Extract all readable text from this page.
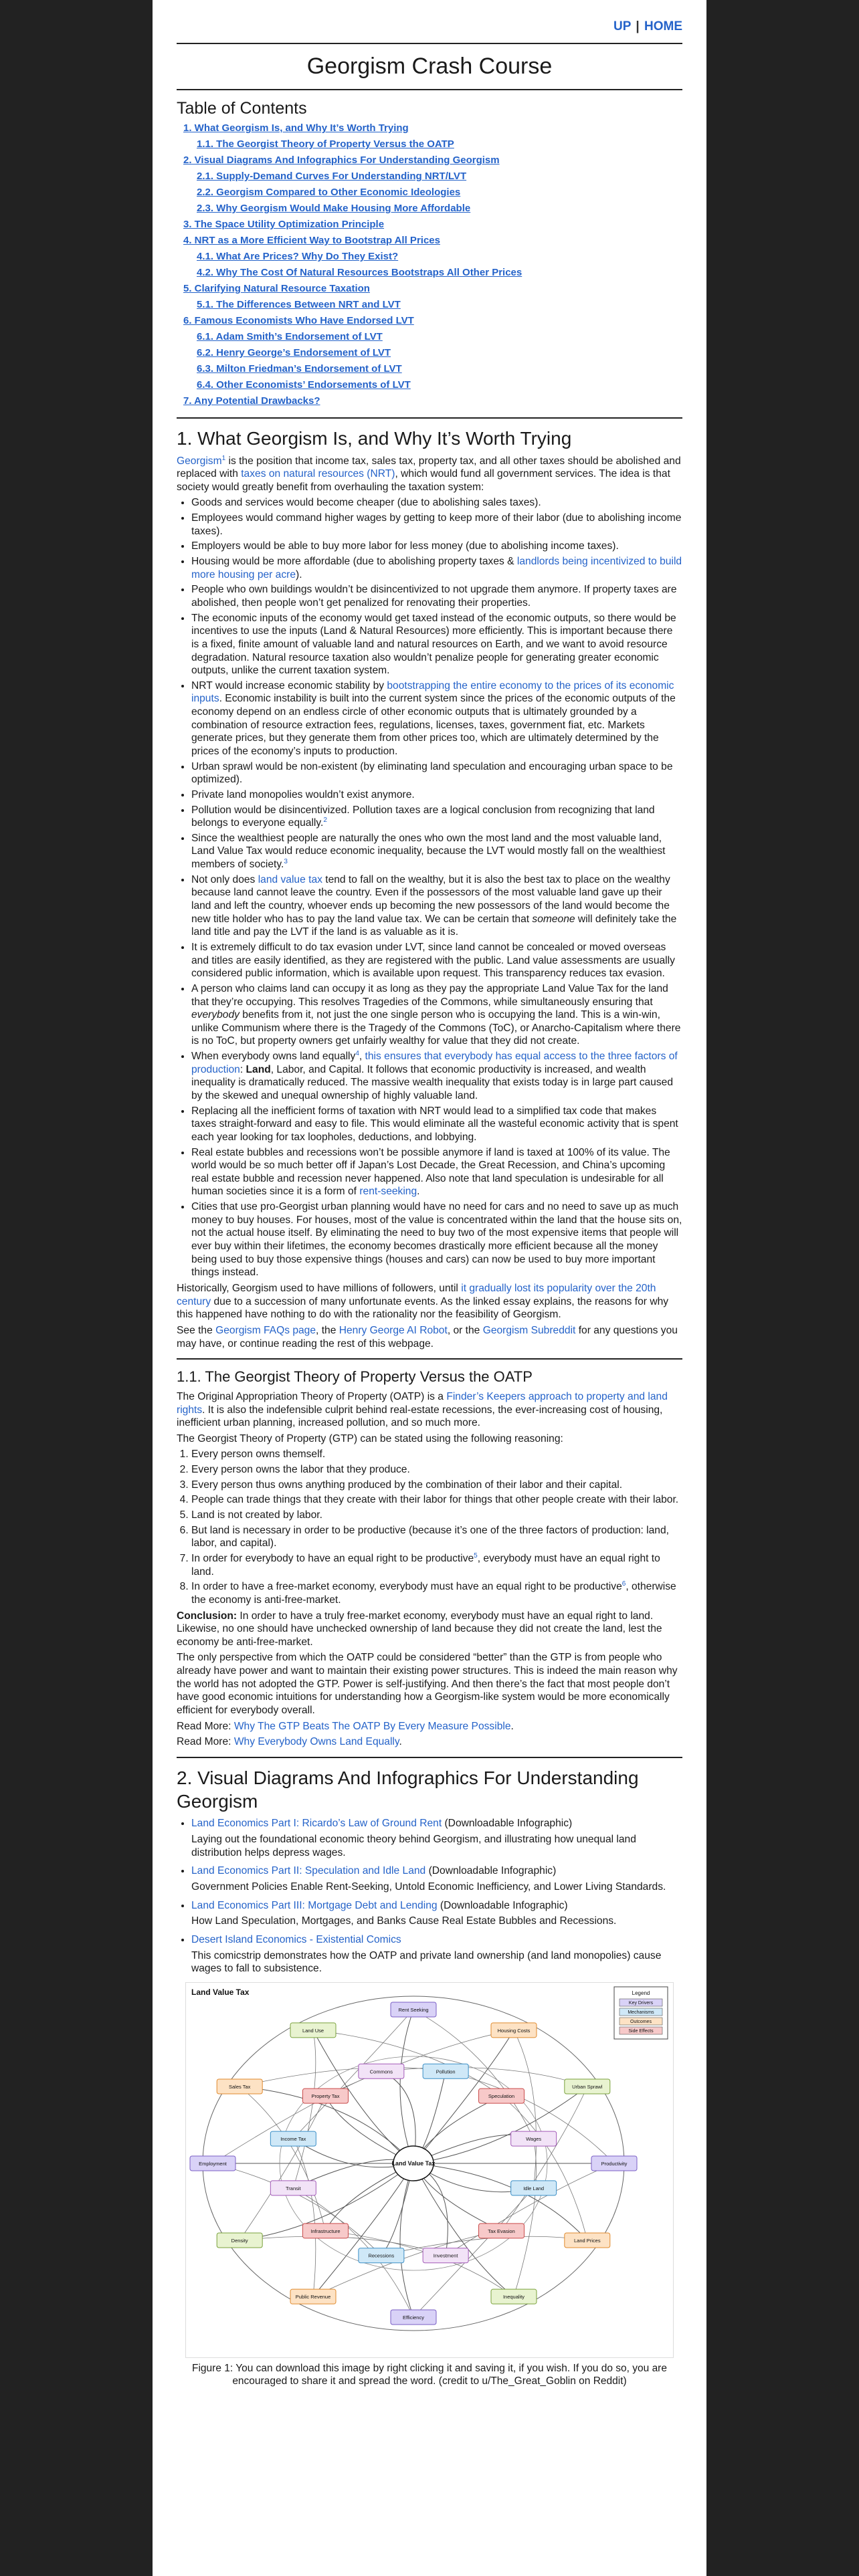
UP | HOME
Georgism Crash Course
Table of Contents
1. What Georgism Is, and Why It’s Worth Trying
1.1. The Georgist Theory of Property Versus the OATP
2. Visual Diagrams And Infographics For Understanding Georgism
2.1. Supply-Demand Curves For Understanding NRT/LVT
2.2. Georgism Compared to Other Economic Ideologies
2.3. Why Georgism Would Make Housing More Affordable
3. The Space Utility Optimization Principle
4. NRT as a More Efficient Way to Bootstrap All Prices
4.1. What Are Prices? Why Do They Exist?
4.2. Why The Cost Of Natural Resources Bootstraps All Other Prices
5. Clarifying Natural Resource Taxation
5.1. The Differences Between NRT and LVT
6. Famous Economists Who Have Endorsed LVT
6.1. Adam Smith’s Endorsement of LVT
6.2. Henry George’s Endorsement of LVT
6.3. Milton Friedman’s Endorsement of LVT
6.4. Other Economists’ Endorsements of LVT
7. Any Potential Drawbacks?
1. What Georgism Is, and Why It’s Worth Trying

Georgism$^1$ is the position that income tax, sales tax, property tax, and all other taxes should be abolished and replaced with taxes on natural resources (NRT), which would fund all government services. The idea is that society would greatly benefit from overhauling the taxation system:

• Goods and services would become cheaper (due to abolishing sales taxes).
• Employees would command higher wages by getting to keep more of their labor (due to abolishing income taxes).
• Employers would be able to buy more labor for less money (due to abolishing income taxes).
• Housing would be more affordable (due to abolishing property taxes & landlords being incentivized to build more housing per acre).
• People who own buildings wouldn’t be disincentivized to not upgrade them anymore. If property taxes are abolished, then people won’t get penalized for renovating their properties.
• The economic inputs of the economy would get taxed instead of the economic outputs, so there would be incentives to use the inputs (Land & Natural Resources) more efficiently. This is important because there is a fixed, finite amount of valuable land and natural resources on Earth, and we want to avoid resource degradation. Natural resource taxation also wouldn’t penalize people for generating greater economic outputs, unlike the current taxation system.
• NRT would increase economic stability by bootstrapping the entire economy to the prices of its economic inputs. Economic instability is built into the current system since the prices of the economic outputs of the economy depend on an endless circle of other economic outputs that is ultimately grounded by a combination of resource extraction fees, regulations, licenses, taxes, government fiat, etc. Markets generate prices, but they generate them from other prices too, which are ultimately determined by the prices of the economy’s inputs to production.
• Urban sprawl would be non-existent (by eliminating land speculation and encouraging urban space to be optimized).
• Private land monopolies wouldn’t exist anymore.
• Pollution would be disincentivized. Pollution taxes are a logical conclusion from recognizing that land belongs to everyone equally.$^2$
• Since the wealthiest people are naturally the ones who own the most land and the most valuable land, Land Value Tax would reduce economic inequality, because the LVT would mostly fall on the wealthiest members of society.$^3$
• Not only does land value tax tend to fall on the wealthy, but it is also the best tax to place on the wealthy because land cannot leave the country. Even if the possessors of the most valuable land gave up their land and left the country, whoever ends up becoming the new possessors of the land would become the new title holder who has to pay the land value tax. We can be certain that someone will definitely take the land title and pay the LVT if the land is as valuable as it is.
• It is extremely difficult to do tax evasion under LVT, since land cannot be concealed or moved overseas and titles are easily identified, as they are registered with the public. Land value assessments are usually considered public information, which is available upon request. This transparency reduces tax evasion.
• A person who claims land can occupy it as long as they pay the appropriate Land Value Tax for the land that they’re occupying. This resolves Tragedies of the Commons, while simultaneously ensuring that everybody benefits from it, not just the one single person who is occupying the land. This is a win-win, unlike Communism where there is the Tragedy of the Commons (ToC), or Anarcho-Capitalism where there is no ToC, but property owners get unfairly wealthy for value that they did not create.
• When everybody owns land equally$^4$, this ensures that everybody has equal access to the three factors of production: Land, Labor, and Capital. It follows that economic productivity is increased, and wealth inequality is dramatically reduced. The massive wealth inequality that exists today is in large part caused by the skewed and unequal ownership of highly valuable land.
• Replacing all the inefficient forms of taxation with NRT would lead to a simplified tax code that makes taxes straight-forward and easy to file. This would eliminate all the wasteful economic activity that is spent each year looking for tax loopholes, deductions, and lobbying.
• Real estate bubbles and recessions won’t be possible anymore if land is taxed at 100% of its value. The world would be so much better off if Japan’s Lost Decade, the Great Recession, and China’s upcoming real estate bubble and recession never happened. Also note that land speculation is undesirable for all human societies since it is a form of rent-seeking.
• Cities that use pro-Georgist urban planning would have no need for cars and no need to save up as much money to buy houses. For houses, most of the value is concentrated within the land that the house sits on, not the actual house itself. By eliminating the need to buy two of the most expensive items that people will ever buy within their lifetimes, the economy becomes drastically more efficient because all the money being used to buy those expensive things (houses and cars) can now be used to buy more important things instead.

Historically, Georgism used to have millions of followers, until it gradually lost its popularity over the 20th century due to a succession of many unfortunate events. As the linked essay explains, the reasons for why this happened have nothing to do with the rationality nor the feasibility of Georgism.

See the Georgism FAQs page, the Henry George AI Robot, or the Georgism Subreddit for any questions you may have, or continue reading the rest of this webpage.

1.1. The Georgist Theory of Property Versus the OATP

The Original Appropriation Theory of Property (OATP) is a Finder’s Keepers approach to property and land rights. It is also the indefensible culprit behind real-estate recessions, the ever-increasing cost of housing, inefficient urban planning, increased pollution, and so much more.

The Georgist Theory of Property (GTP) can be stated using the following reasoning:

1. Every person owns themself.
2. Every person owns the labor that they produce.
3. Every person thus owns anything produced by the combination of their labor and their capital.
4. People can trade things that they create with their labor for things that other people create with their labor.
5. Land is not created by labor.
6. But land is necessary in order to be productive (because it’s one of the three factors of production: land, labor, and capital).
7. In order for everybody to have an equal right to be productive$^5$, everybody must have an equal right to land.
8. In order to have a free-market economy, everybody must have an equal right to be productive$^6$, otherwise the economy is anti-free-market.

Conclusion: In order to have a truly free-market economy, everybody must have an equal right to land. Likewise, no one should have unchecked ownership of land because they did not create the land, lest the economy be anti-free-market.

The only perspective from which the OATP could be considered “better” than the GTP is from people who already have power and want to maintain their existing power structures. This is indeed the main reason why the world has not adopted the GTP. Power is self-justifying. And then there’s the fact that most people don’t have good economic intuitions for understanding how a Georgism-like system would be more economically efficient for everybody overall.

Read More: Why The GTP Beats The OATP By Every Measure Possible.

Read More: Why Everybody Owns Land Equally.

2. Visual Diagrams And Infographics For Understanding Georgism
• Land Economics Part I: Ricardo’s Law of Ground Rent (Downloadable Infographic)

Laying out the foundational economic theory behind Georgism, and illustrating how unequal land distribution helps depress wages.

• Land Economics Part II: Speculation and Idle Land (Downloadable Infographic)

Government Policies Enable Rent-Seeking, Untold Economic Inefficiency, and Lower Living Standards.

• Land Economics Part III: Mortgage Debt and Lending (Downloadable Infographic)

How Land Speculation, Mortgages, and Banks Cause Real Estate Bubbles and Recessions.

• Desert Island Economics - Existential Comics

This comicstrip demonstrates how the OATP and private land ownership (and land monopolies) cause wages to fall to subsistence.

Land Value Tax
Rent Seeking
Pollution
Housing Costs
Speculation
Urban Sprawl
Wages
Productivity
Idle Land
Land Prices
Tax Evasion
Inequality
Investment
Efficiency
Recessions
Public Revenue
Infrastructure
Density
Transit
Employment
Income Tax
Sales Tax
Property Tax
Land Use
Commons
Land Value Tax
Legend
Key Drivers
Mechanisms
Outcomes
Side Effects
Figure 1: You can download this image by right clicking it and saving it, if you wish. If you do so, you are encouraged to share it and spread the word. (credit to u/The_Great_Goblin on Reddit)
